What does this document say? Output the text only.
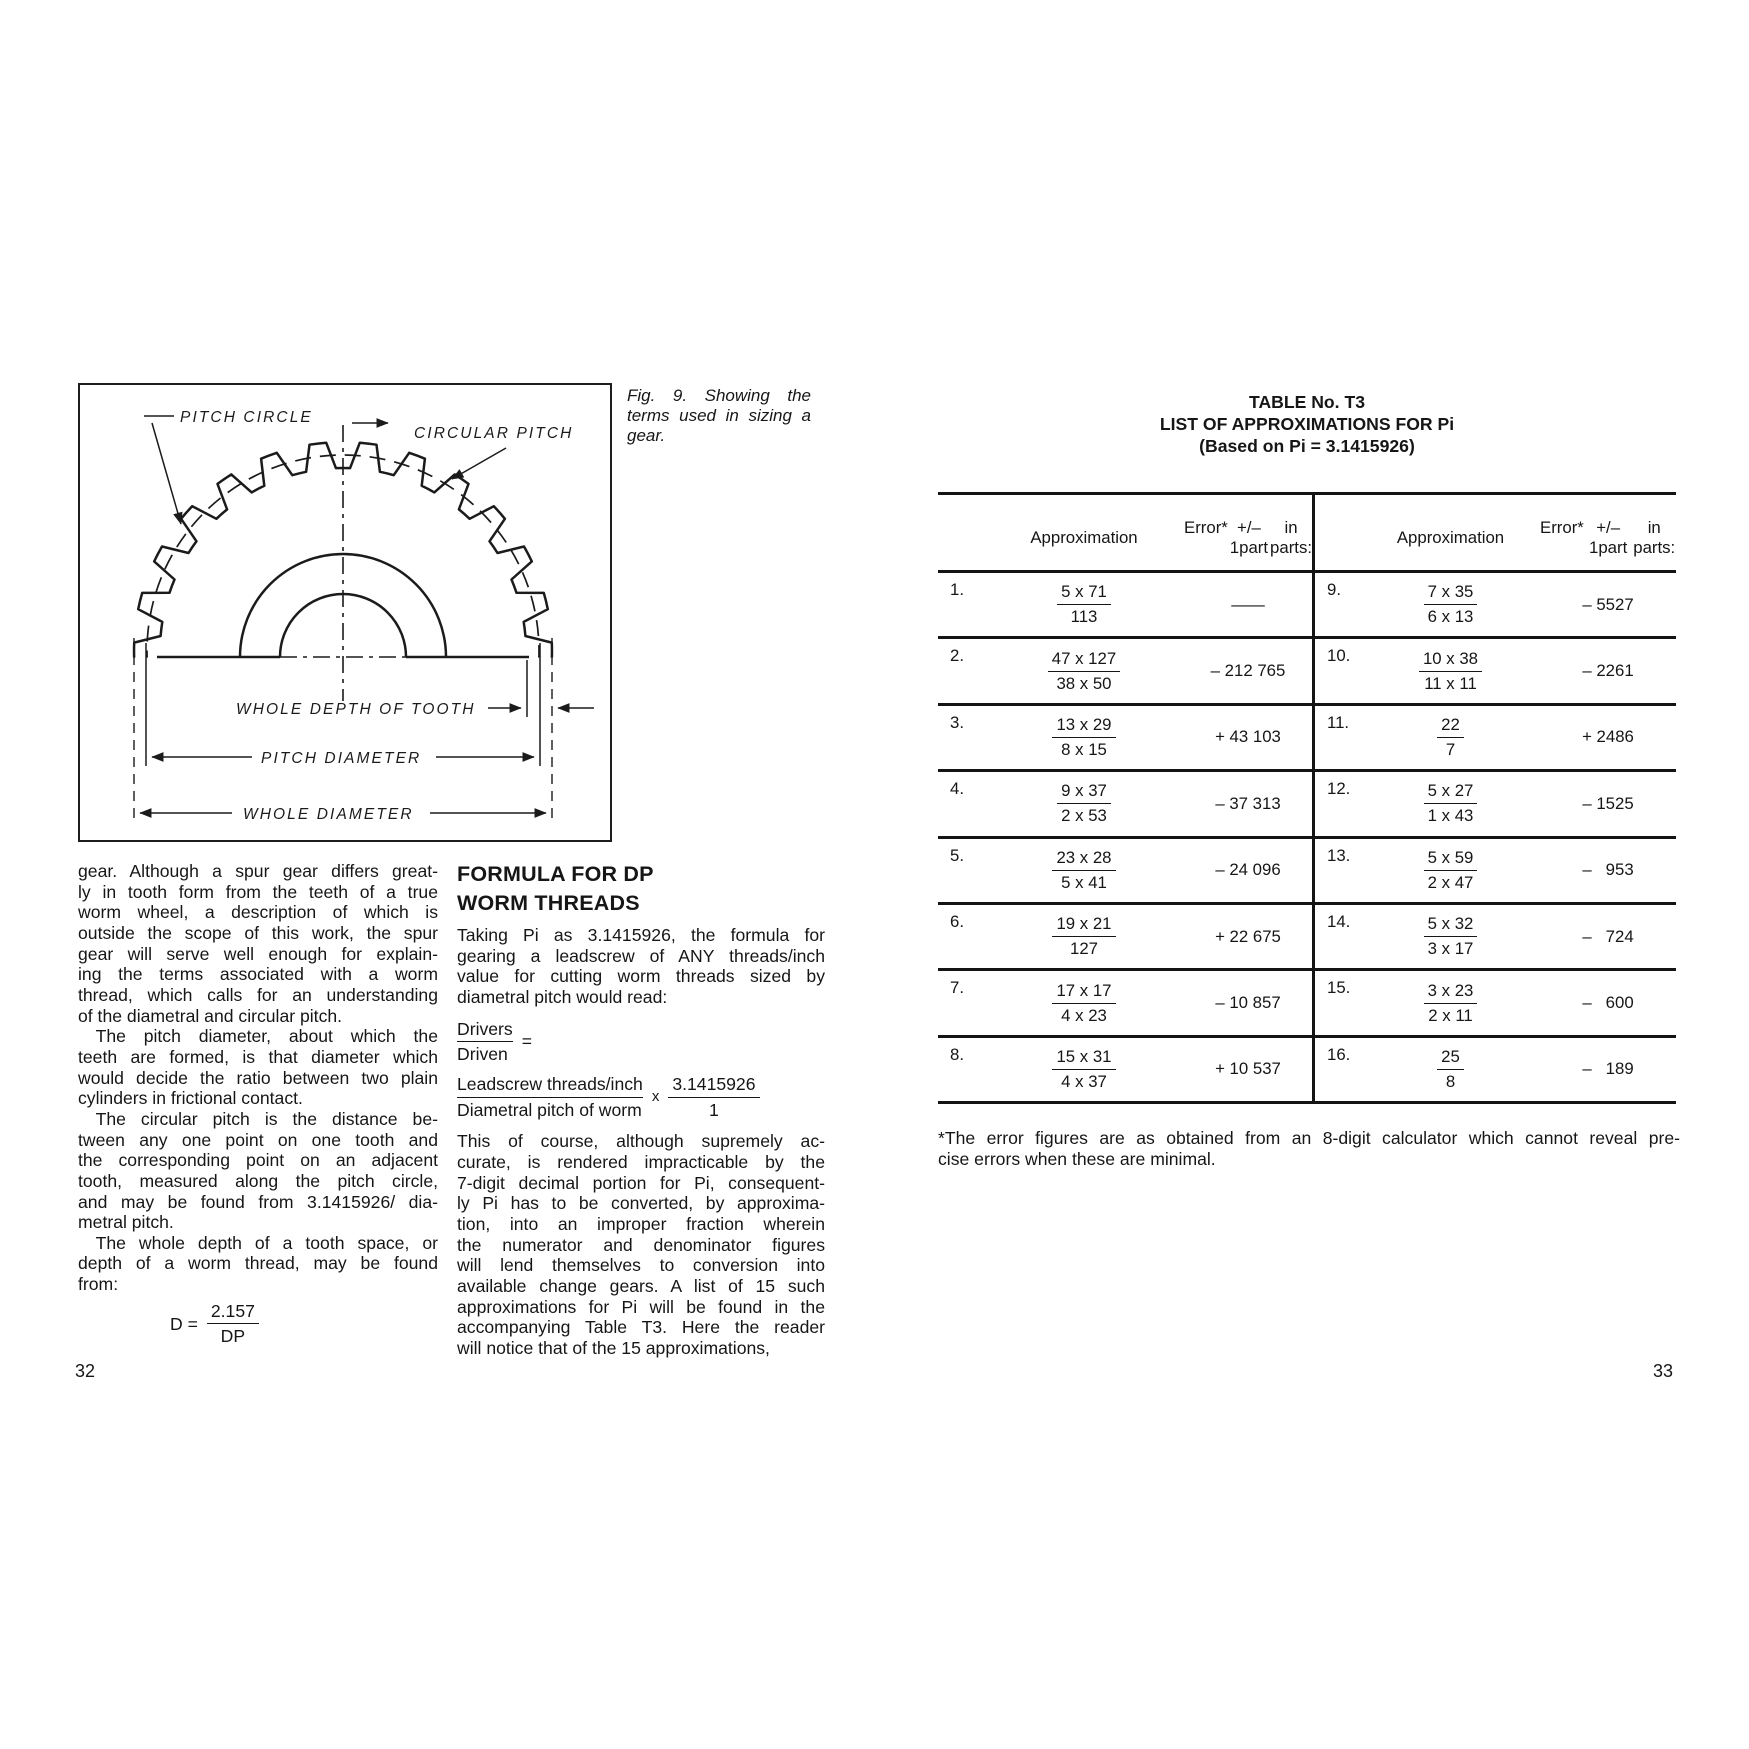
WHOLE DEPTH OF TOOTH
PITCH DIAMETER
WHOLE DIAMETER
PITCH CIRCLE
CIRCULAR PITCH
Fig. 9. Showing the
terms used in sizing a
gear.
gear. Although a spur gear differs great-
ly in tooth form from the teeth of a true
worm wheel, a description of which is
outside the scope of this work, the spur
gear will serve well enough for explain-
ing the terms associated with a worm
thread, which calls for an understanding
of the diametral and circular pitch.
 The pitch diameter, about which the
teeth are formed, is that diameter which
would decide the ratio between two plain
cylinders in frictional contact.
 The circular pitch is the distance be-
tween any one point on one tooth and
the corresponding point on an adjacent
tooth, measured along the pitch circle,
and may be found from 3.1415926/ dia-
metral pitch.
 The whole depth of a tooth space, or
depth of a worm thread, may be found
from:
$D = \frac{2.157}{DP}$
FORMULA FOR DP
WORM THREADS
Taking Pi as 3.1415926, the formula for
gearing a leadscrew of ANY threads/inch
value for cutting worm threads sized by
diametral pitch would read:
$\frac{\text{Drivers}}{\text{Driven}}$ =
$\frac{\text{Leadscrew threads/inch}}{\text{Diametral pitch of worm}}$ x $\frac{3.1415926}{1}$
This of course, although supremely ac-
curate, is rendered impracticable by the
7-digit decimal portion for Pi, consequent-
ly Pi has to be converted, by approxima-
tion, into an improper fraction wherein
the numerator and denominator figures
will lend themselves to conversion into
available change gears. A list of 15 such
approximations for Pi will be found in the
accompanying Table T3. Here the reader
will notice that of the 15 approximations,
32
TABLE No. T3
LIST OF APPROXIMATIONS FOR Pi
(Based on Pi = 3.1415926)
Approximation
Error* +/– 1part
in parts:
Approximation
Error* +/– 1part
in parts:
1.	$\frac{5 x 71}{113}$	——
9.	$\frac{7 x 35}{6 x 13}$	– 5527
2.	$\frac{47 x 127}{38 x 50}$	– 212 765
10.	$\frac{10 x 38}{11 x 11}$	– 2261
3.	$\frac{13 x 29}{8 x 15}$	+ 43 103
11.	$\frac{22}{7}$	+ 2486
4.	$\frac{9 x 37}{2 x 53}$	– 37 313
12.	$\frac{5 x 27}{1 x 43}$	– 1525
5.	$\frac{23 x 28}{5 x 41}$	– 24 096
13.	$\frac{5 x 59}{2 x 47}$	–   953
6.	$\frac{19 x 21}{127}$	+ 22 675
14.	$\frac{5 x 32}{3 x 17}$	–   724
7.	$\frac{17 x 17}{4 x 23}$	– 10 857
15.	$\frac{3 x 23}{2 x 11}$	–   600
8.	$\frac{15 x 31}{4 x 37}$	+ 10 537
16.	$\frac{25}{8}$	–   189
*The error figures are as obtained from an 8-digit calculator which cannot reveal pre-
cise errors when these are minimal.
33
